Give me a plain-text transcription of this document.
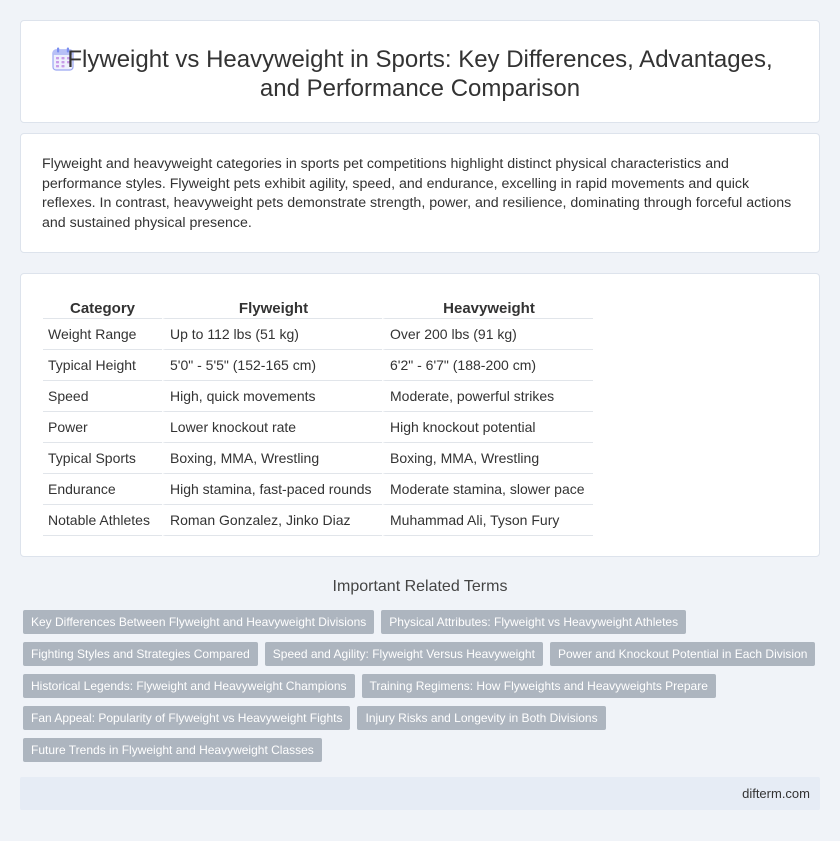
Flyweight vs Heavyweight in Sports: Key Differences, Advantages,
and Performance Comparison

Flyweight and heavyweight categories in sports pet competitions highlight distinct physical characteristics and performance styles. Flyweight pets exhibit agility, speed, and endurance, excelling in rapid movements and quick reflexes. In contrast, heavyweight pets demonstrate strength, power, and resilience, dominating through forceful actions and sustained physical presence.

Category	Flyweight	Heavyweight
Weight Range	Up to 112 lbs (51 kg)	Over 200 lbs (91 kg)
Typical Height	5'0" - 5'5" (152-165 cm)	6'2" - 6'7" (188-200 cm)
Speed	High, quick movements	Moderate, powerful strikes
Power	Lower knockout rate	High knockout potential
Typical Sports	Boxing, MMA, Wrestling	Boxing, MMA, Wrestling
Endurance	High stamina, fast-paced rounds	Moderate stamina, slower pace
Notable Athletes	Roman Gonzalez, Jinko Diaz	Muhammad Ali, Tyson Fury
Important Related Terms
Key Differences Between Flyweight and Heavyweight Divisions	Physical Attributes: Flyweight vs Heavyweight Athletes
Fighting Styles and Strategies Compared	Speed and Agility: Flyweight Versus Heavyweight	Power and Knockout Potential in Each Division
Historical Legends: Flyweight and Heavyweight Champions	Training Regimens: How Flyweights and Heavyweights Prepare
Fan Appeal: Popularity of Flyweight vs Heavyweight Fights	Injury Risks and Longevity in Both Divisions
Future Trends in Flyweight and Heavyweight Classes
difterm.com
